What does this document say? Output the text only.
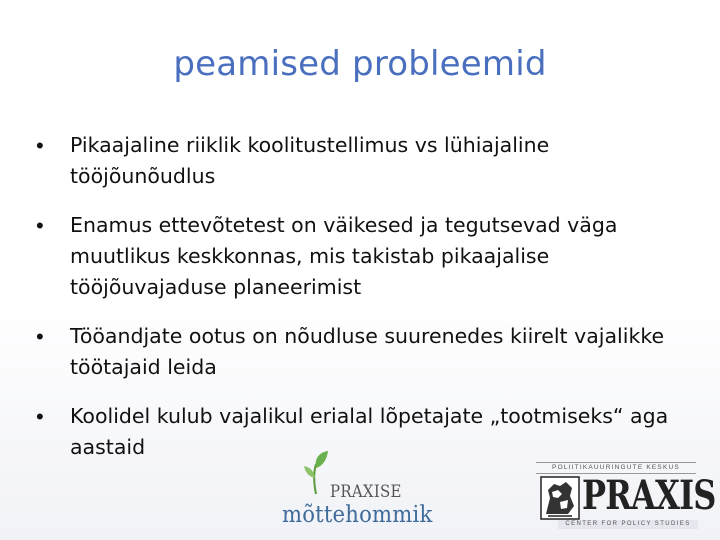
peamised probleemid
•	Pikaajaline riiklik koolitustellimus vs lühiajaline tööjõunõudlus
•	Enamus ettevõtetest on väikesed ja tegutsevad väga muutlikus keskkonnas, mis takistab pikaajalise tööjõuvajaduse planeerimist
•	Tööandjate ootus on nõudluse suurenedes kiirelt vajalikke töötajaid leida
•	Koolidel kulub vajalikul erialal lõpetajate „tootmiseks“ aga aastaid
PRAXISE
mõttehommik
POLIITIKAUURINGUTE KESKUS
PRAXIS
CENTER FOR POLICY STUDIES
